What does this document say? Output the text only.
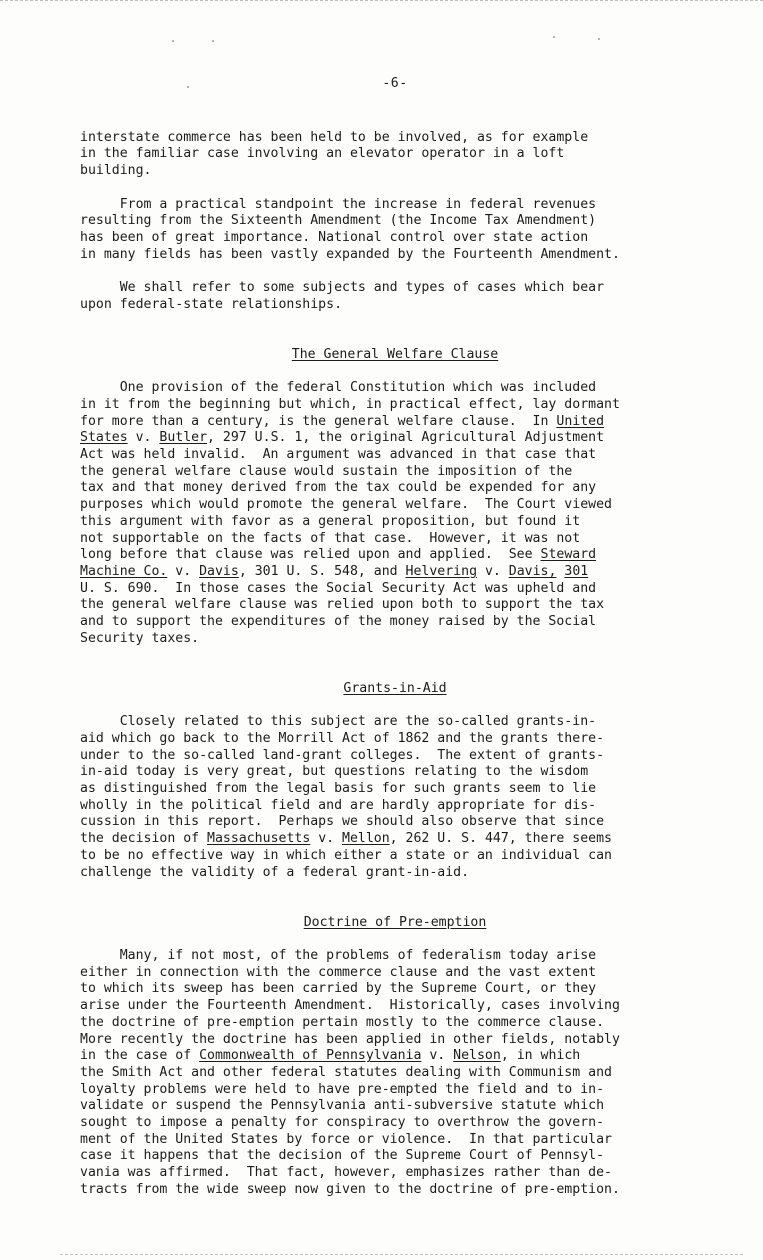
-6-

interstate commerce has been held to be involved, as for example

in the familiar case involving an elevator operator in a loft

building.

From a practical standpoint the increase in federal revenues

resulting from the Sixteenth Amendment (the Income Tax Amendment)

has been of great importance. National control over state action

in many fields has been vastly expanded by the Fourteenth Amendment.

We shall refer to some subjects and types of cases which bear

upon federal-state relationships.

The General Welfare Clause

One provision of the federal Constitution which was included

in it from the beginning but which, in practical effect, lay dormant

for more than a century, is the general welfare clause.  In United

States v. Butler, 297 U.S. 1, the original Agricultural Adjustment

Act was held invalid.  An argument was advanced in that case that

the general welfare clause would sustain the imposition of the

tax and that money derived from the tax could be expended for any

purposes which would promote the general welfare.  The Court viewed

this argument with favor as a general proposition, but found it

not supportable on the facts of that case.  However, it was not

long before that clause was relied upon and applied.  See Steward

Machine Co. v. Davis, 301 U. S. 548, and Helvering v. Davis, 301

U. S. 690.  In those cases the Social Security Act was upheld and

the general welfare clause was relied upon both to support the tax

and to support the expenditures of the money raised by the Social

Security taxes.

Grants-in-Aid

Closely related to this subject are the so-called grants-in-

aid which go back to the Morrill Act of 1862 and the grants there-

under to the so-called land-grant colleges.  The extent of grants-

in-aid today is very great, but questions relating to the wisdom

as distinguished from the legal basis for such grants seem to lie

wholly in the political field and are hardly appropriate for dis-

cussion in this report.  Perhaps we should also observe that since

the decision of Massachusetts v. Mellon, 262 U. S. 447, there seems

to be no effective way in which either a state or an individual can

challenge the validity of a federal grant-in-aid.

Doctrine of Pre-emption

Many, if not most, of the problems of federalism today arise

either in connection with the commerce clause and the vast extent

to which its sweep has been carried by the Supreme Court, or they

arise under the Fourteenth Amendment.  Historically, cases involving

the doctrine of pre-emption pertain mostly to the commerce clause.

More recently the doctrine has been applied in other fields, notably

in the case of Commonwealth of Pennsylvania v. Nelson, in which

the Smith Act and other federal statutes dealing with Communism and

loyalty problems were held to have pre-empted the field and to in-

validate or suspend the Pennsylvania anti-subversive statute which

sought to impose a penalty for conspiracy to overthrow the govern-

ment of the United States by force or violence.  In that particular

case it happens that the decision of the Supreme Court of Pennsyl-

vania was affirmed.  That fact, however, emphasizes rather than de-

tracts from the wide sweep now given to the doctrine of pre-emption.
